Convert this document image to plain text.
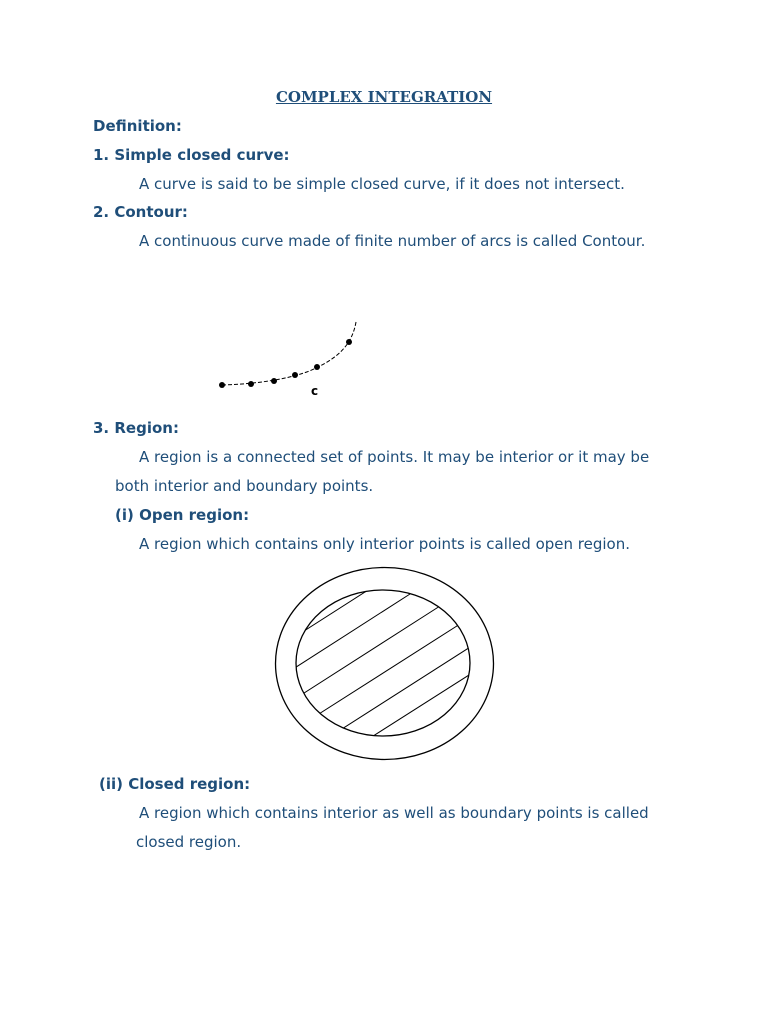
COMPLEX INTEGRATION
Definition:
1. Simple closed curve:
A curve is said to be simple closed curve, if it does not intersect.
2. Contour:
A continuous curve made of finite number of arcs is called Contour.
c
3. Region:
A region is a connected set of points. It may be interior or it may be
both interior and boundary points.
(i) Open region:
A region which contains only interior points is called open region.
(ii) Closed region:
A region which contains interior as well as boundary points is called
closed region.
